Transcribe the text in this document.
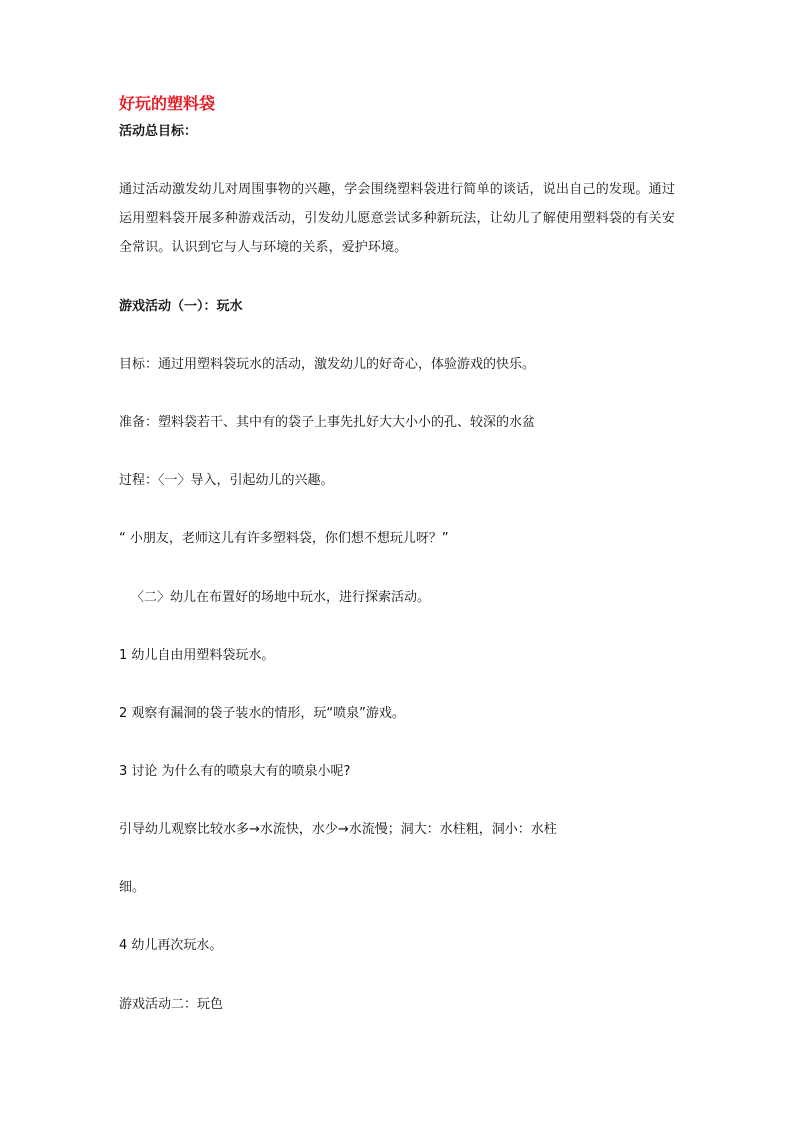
好玩的塑料袋
活动总目标：
通过活动激发幼儿对周围事物的兴趣，学会围绕塑料袋进行简单的谈话，说出自己的发现。通过运用塑料袋开展多种游戏活动，引发幼儿愿意尝试多种新玩法，让幼儿了解使用塑料袋的有关安全常识。认识到它与人与环境的关系，爱护环境。
游戏活动（一）：玩水
目标：通过用塑料袋玩水的活动，激发幼儿的好奇心，体验游戏的快乐。
准备：塑料袋若干、其中有的袋子上事先扎好大大小小的孔、较深的水盆
过程：〈一〉导入，引起幼儿的兴趣。
“ 小朋友，老师这儿有许多塑料袋，你们想不想玩儿呀？”
〈二〉幼儿在布置好的场地中玩水，进行探索活动。
1 幼儿自由用塑料袋玩水。
2 观察有漏洞的袋子装水的情形，玩“喷泉”游戏。
3 讨论 为什么有的喷泉大有的喷泉小呢?
引导幼儿观察比较水多→水流快，水少→水流慢；洞大：水柱粗，洞小：水柱
细。
4 幼儿再次玩水。
游戏活动二：玩色
